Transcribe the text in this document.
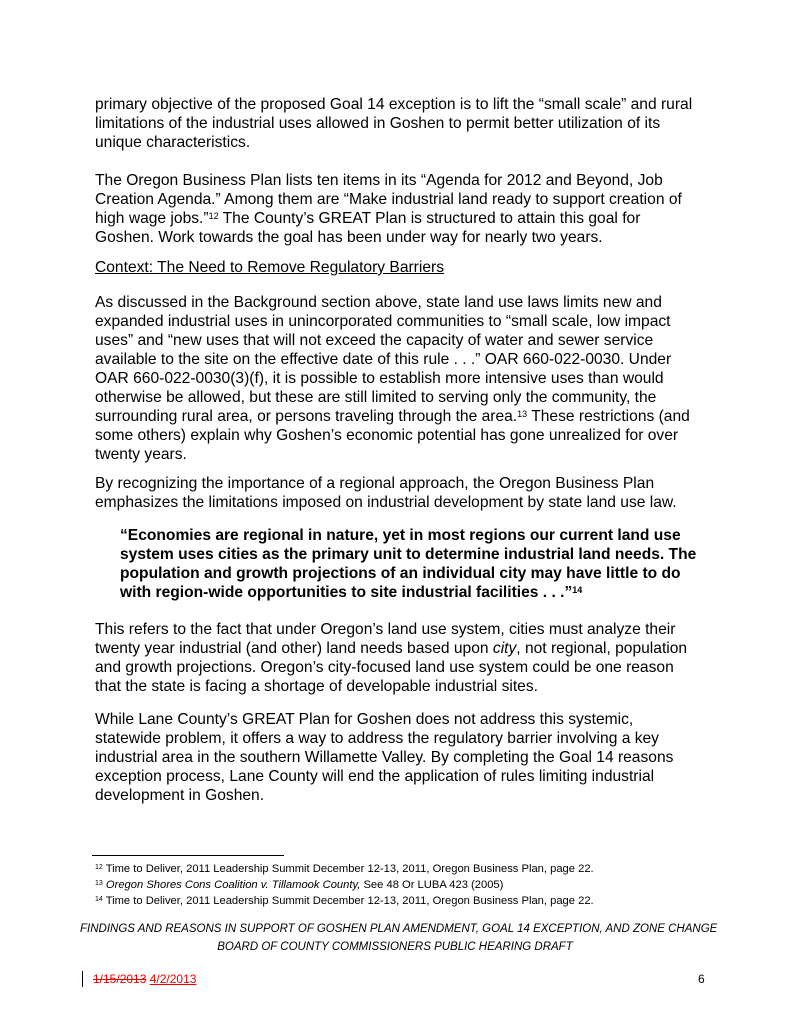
primary objective of the proposed Goal 14 exception is to lift the “small scale” and rural
limitations of the industrial uses allowed in Goshen to permit better utilization of its
unique characteristics.
The Oregon Business Plan lists ten items in its “Agenda for 2012 and Beyond, Job
Creation Agenda.” Among them are “Make industrial land ready to support creation of
high wage jobs.”$^{12}$ The County’s GREAT Plan is structured to attain this goal for
Goshen. Work towards the goal has been under way for nearly two years.
Context: The Need to Remove Regulatory Barriers
As discussed in the Background section above, state land use laws limits new and
expanded industrial uses in unincorporated communities to “small scale, low impact
uses” and “new uses that will not exceed the capacity of water and sewer service
available to the site on the effective date of this rule . . .” OAR 660-022-0030. Under
OAR 660-022-0030(3)(f), it is possible to establish more intensive uses than would
otherwise be allowed, but these are still limited to serving only the community, the
surrounding rural area, or persons traveling through the area.$^{13}$ These restrictions (and
some others) explain why Goshen’s economic potential has gone unrealized for over
twenty years.
By recognizing the importance of a regional approach, the Oregon Business Plan
emphasizes the limitations imposed on industrial development by state land use law.
“Economies are regional in nature, yet in most regions our current land use
system uses cities as the primary unit to determine industrial land needs. The
population and growth projections of an individual city may have little to do
with region-wide opportunities to site industrial facilities . . .”$^{14}$
This refers to the fact that under Oregon’s land use system, cities must analyze their
twenty year industrial (and other) land needs based upon city, not regional, population
and growth projections. Oregon’s city-focused land use system could be one reason
that the state is facing a shortage of developable industrial sites.
While Lane County’s GREAT Plan for Goshen does not address this systemic,
statewide problem, it offers a way to address the regulatory barrier involving a key
industrial area in the southern Willamette Valley. By completing the Goal 14 reasons
exception process, Lane County will end the application of rules limiting industrial
development in Goshen.
$^{12}$ Time to Deliver, 2011 Leadership Summit December 12-13, 2011, Oregon Business Plan, page 22.
$^{13}$ Oregon Shores Cons Coalition v. Tillamook County, See 48 Or LUBA 423 (2005)
$^{14}$ Time to Deliver, 2011 Leadership Summit December 12-13, 2011, Oregon Business Plan, page 22.
FINDINGS AND REASONS IN SUPPORT OF GOSHEN PLAN AMENDMENT, GOAL 14 EXCEPTION, AND ZONE CHANGE
BOARD OF COUNTY COMMISSIONERS PUBLIC HEARING DRAFT
1/15/2013 4/2/2013	6
